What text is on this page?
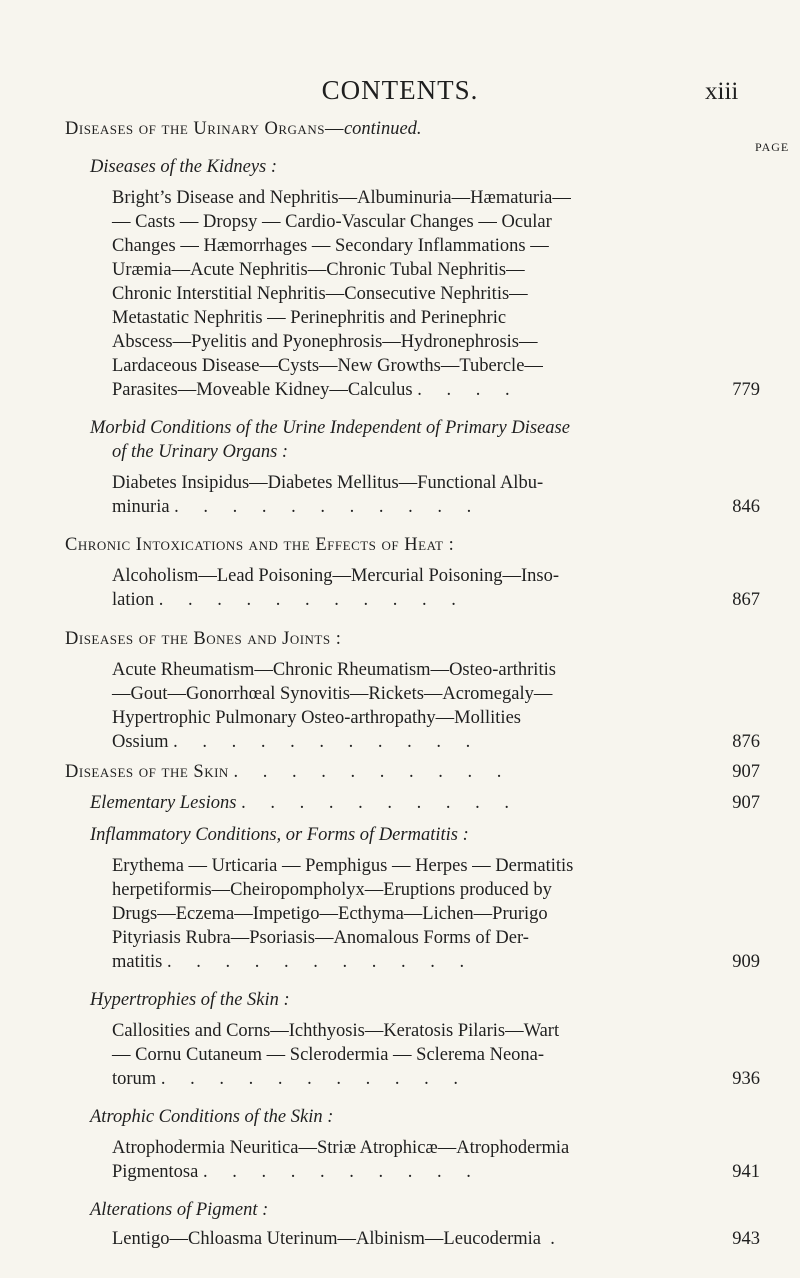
CONTENTS.	xiii
Diseases of the Urinary Organs—continued.
PAGE
Diseases of the Kidneys :
Bright’s Disease and Nephritis—Albuminuria—Hæmaturia—
— Casts — Dropsy — Cardio-Vascular Changes — Ocular
Changes — Hæmorrhages — Secondary Inflammations —
Uræmia—Acute Nephritis—Chronic Tubal Nephritis—
Chronic Interstitial Nephritis—Consecutive Nephritis—
Metastatic Nephritis — Perinephritis and Perinephric
Abscess—Pyelitis and Pyonephrosis—Hydronephrosis—
Lardaceous Disease—Cysts—New Growths—Tubercle—
Parasites—Moveable Kidney—Calculus . . . .	779
Morbid Conditions of the Urine Independent of Primary Disease
of the Urinary Organs :
Diabetes Insipidus—Diabetes Mellitus—Functional Albu-
minuria . . . . . . . . . . .	846
Chronic Intoxications and the Effects of Heat :
Alcoholism—Lead Poisoning—Mercurial Poisoning—Inso-
lation . . . . . . . . . . .	867
Diseases of the Bones and Joints :
Acute Rheumatism—Chronic Rheumatism—Osteo-arthritis
—Gout—Gonorrhœal Synovitis—Rickets—Acromegaly—
Hypertrophic Pulmonary Osteo-arthropathy—Mollities
Ossium . . . . . . . . . . .	876
Diseases of the Skin . . . . . . . . . .	907
Elementary Lesions . . . . . . . . . .	907
Inflammatory Conditions, or Forms of Dermatitis :
Erythema — Urticaria — Pemphigus — Herpes — Dermatitis
herpetiformis—Cheiropompholyx—Eruptions produced by
Drugs—Eczema—Impetigo—Ecthyma—Lichen—Prurigo
Pityriasis Rubra—Psoriasis—Anomalous Forms of Der-
matitis . . . . . . . . . . .	909
Hypertrophies of the Skin :
Callosities and Corns—Ichthyosis—Keratosis Pilaris—Wart
— Cornu Cutaneum — Sclerodermia — Sclerema Neona-
torum . . . . . . . . . . .	936
Atrophic Conditions of the Skin :
Atrophodermia Neuritica—Striæ Atrophicæ—Atrophodermia
Pigmentosa . . . . . . . . . .	941
Alterations of Pigment :
Lentigo—Chloasma Uterinum—Albinism—Leucodermia .	943
